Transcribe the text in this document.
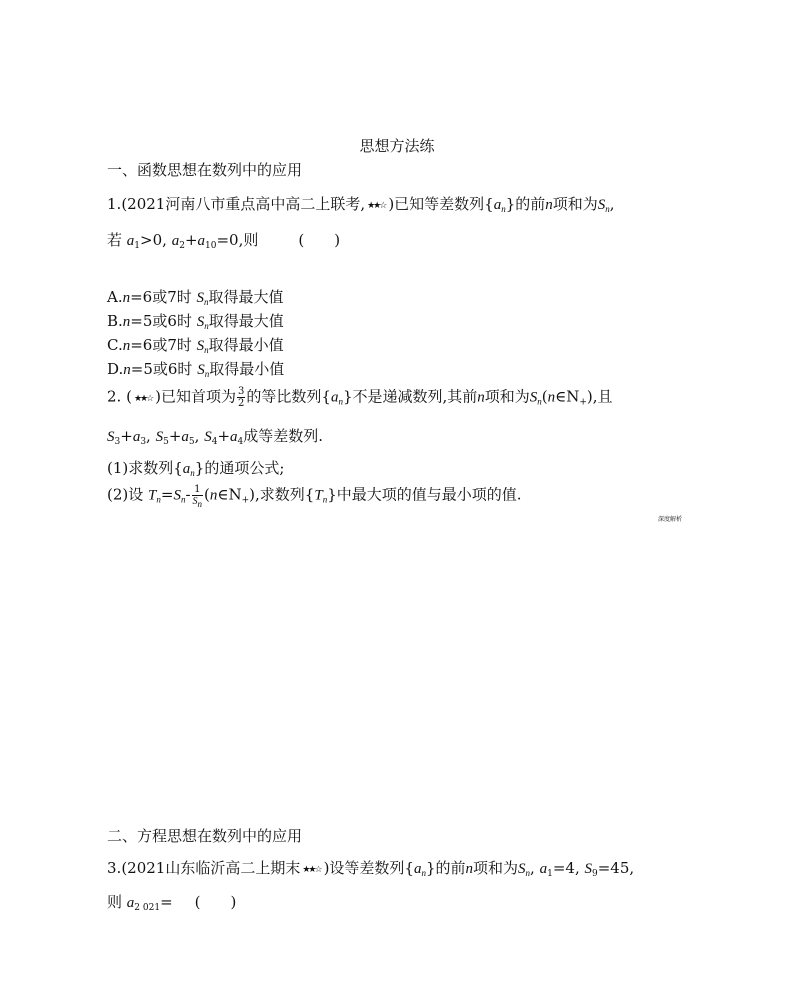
思想方法练
一、函数思想在数列中的应用
1.(2021河南八市重点高中高二上联考, ★★☆ )已知等差数列$\{a_n\}$的前n项和为$S_n$,
若 $a_1>0$, $a_2+a_{10}=0$,则	(　　)
A.n=6或7时 $S_n$取得最大值
B.n=5或6时 $S_n$取得最大值
C.n=6或7时 $S_n$取得最小值
D.n=5或6时 $S_n$取得最小值
2. ( ★★☆ )已知首项为 $\frac{3}{2}$ 的等比数列$\{a_n\}$不是递减数列,其前n项和为$S_n(n\in N_+)$,且
$S_3+a_3$, $S_5+a_5$, $S_4+a_4$成等差数列.
(1)求数列$\{a_n\}$的通项公式;
(2)设 $T_n=S_n- \frac{1}{S_n}$ $(n\in N_+)$,求数列$\{T_n\}$中最大项的值与最小项的值.
深度解析
二、方程思想在数列中的应用
3.(2021山东临沂高二上期末 ★★☆ )设等差数列$\{a_n\}$的前n项和为$S_n$, $a_1=4$, $S_9=45$,
则 $a_{2 021}=$ (　　)
